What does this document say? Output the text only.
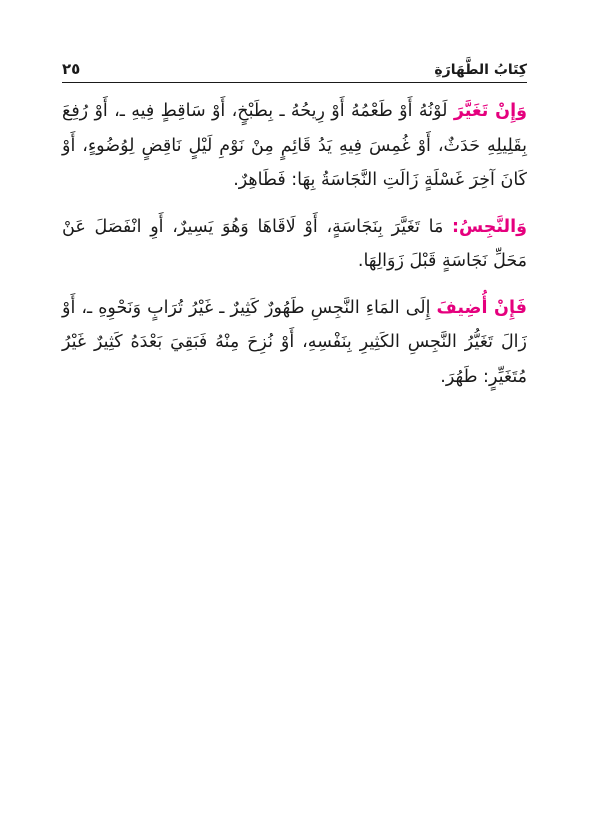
كِتَابُ الطَّهَارَةِ
٢٥

وَإِنْ تَغَيَّرَ لَوْنُهُ أَوْ طَعْمُهُ أَوْ رِيحُهُ ـ بِطَبْخٍ، أَوْ سَاقِطٍ فِيهِ ـ، أَوْ رُفِعَ بِقَلِيلِهِ حَدَثٌ، أَوْ غُمِسَ فِيهِ يَدُ قَائِمٍ مِنْ نَوْمِ لَيْلٍ نَاقِضٍ لِوُضُوءٍ، أَوْ كَانَ آخِرَ غَسْلَةٍ زَالَتِ النَّجَاسَةُ بِهَا: فَطَاهِرٌ.

وَالنَّجِسُ: مَا تَغَيَّرَ بِنَجَاسَةٍ، أَوْ لَاقَاهَا وَهُوَ يَسِيرٌ، أَوِ انْفَصَلَ عَنْ مَحَلِّ نَجَاسَةٍ قَبْلَ زَوَالِهَا.

فَإِنْ أُضِيفَ إِلَى المَاءِ النَّجِسِ طَهُورٌ كَثِيرٌ ـ غَيْرُ تُرَابٍ وَنَحْوِهِ ـ، أَوْ زَالَ تَغَيُّرُ النَّجِسِ الكَثِيرِ بِنَفْسِهِ، أَوْ نُزِحَ مِنْهُ فَبَقِيَ بَعْدَهُ كَثِيرٌ غَيْرُ مُتَغَيِّرٍ: طَهُرَ.
